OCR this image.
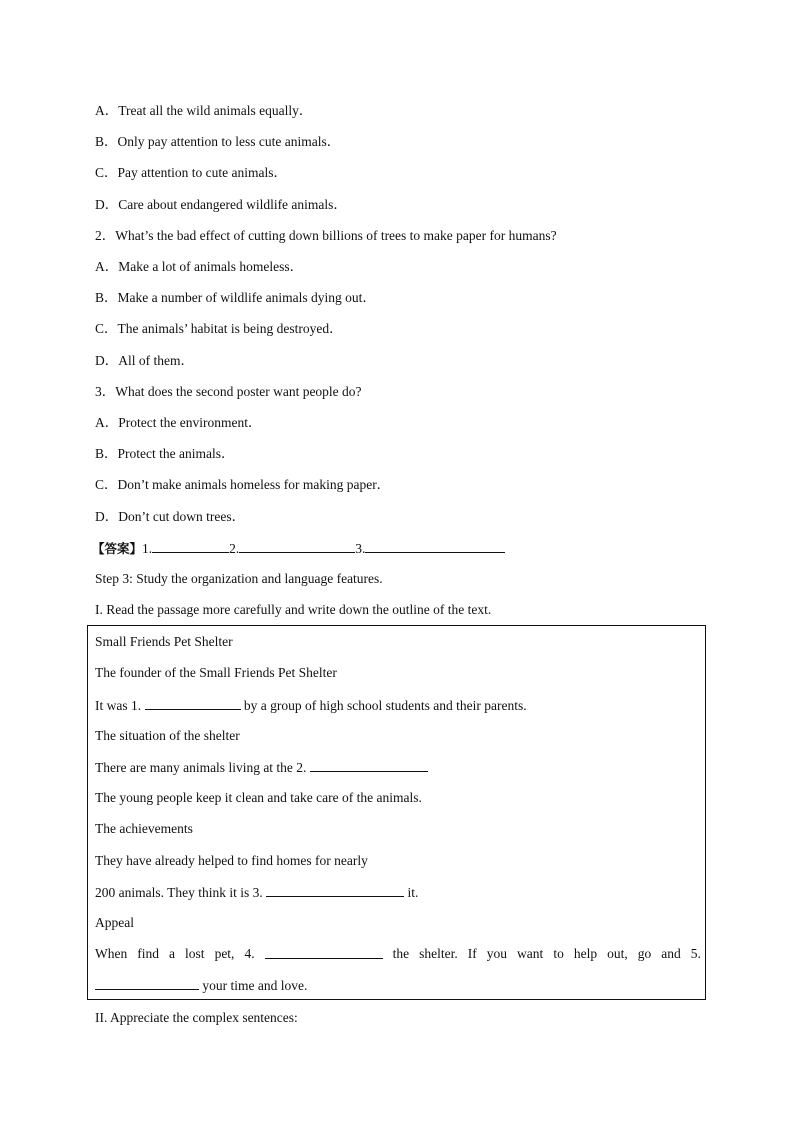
A．Treat all the wild animals equally．
B．Only pay attention to less cute animals．
C．Pay attention to cute animals．
D．Care about endangered wildlife animals．
2．What’s the bad effect of cutting down billions of trees to make paper for humans?
A．Make a lot of animals homeless．
B．Make a number of wildlife animals dying out．
C．The animals’ habitat is being destroyed．
D．All of them．
3．What does the second poster want people do?
A．Protect the environment．
B．Protect the animals．
C．Don’t make animals homeless for making paper．
D．Don’t cut down trees．
【答案】1.	2.	3.
Step 3: Study the organization and language features.
I. Read the passage more carefully and write down the outline of the text.
Small Friends Pet Shelter
The founder of the Small Friends Pet Shelter
It was 1.	by a group of high school students and their parents.
The situation of the shelter
There are many animals living at the 2.
The young people keep it clean and take care of the animals.
The achievements
They have already helped to find homes for nearly
200 animals. They think it is 3.	it.
Appeal
When find a lost pet, 4.	the shelter. If you want to help out, go and 5.
your time and love.
II. Appreciate the complex sentences:
